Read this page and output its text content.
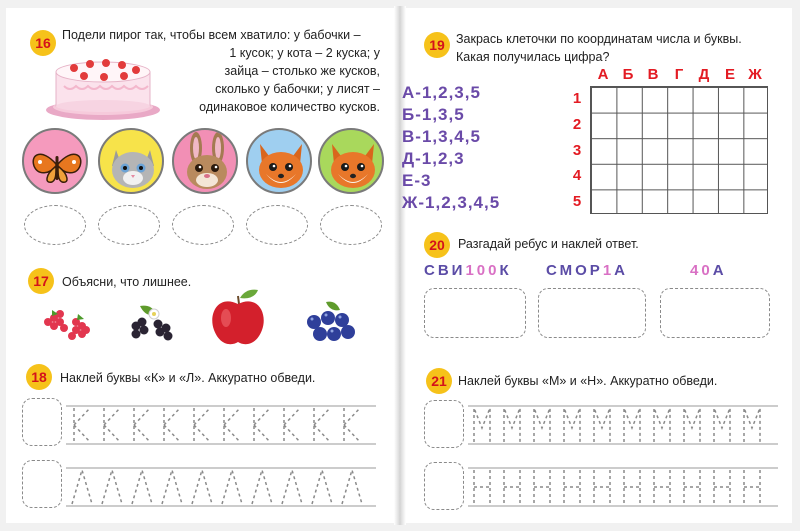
16 Подели пирог так, чтобы всем хватило: у бабочки –
1 кусок; у кота – 2 куска; у
зайца – столько же кусков,
сколько у бабочки; у лисят –
одинаковое количество кусков.
17	Объясни, что лишнее.
18	Наклей буквы «К» и «Л». Аккуратно обведи.
19 Закрась клеточки по координатам числа и буквы.
Какая получилась цифра?
А-1,2,3,5
Б-1,3,5
В-1,3,4,5
Д-1,2,3
Е-3
Ж-1,2,3,4,5
А Б В	Г	Д	Е Ж
1
2
3
4
5
20	Разгадай ребус и наклей ответ.
СВИ100К СМОР1А	40А
21 Наклей буквы «М» и «Н». Аккуратно обведи.
